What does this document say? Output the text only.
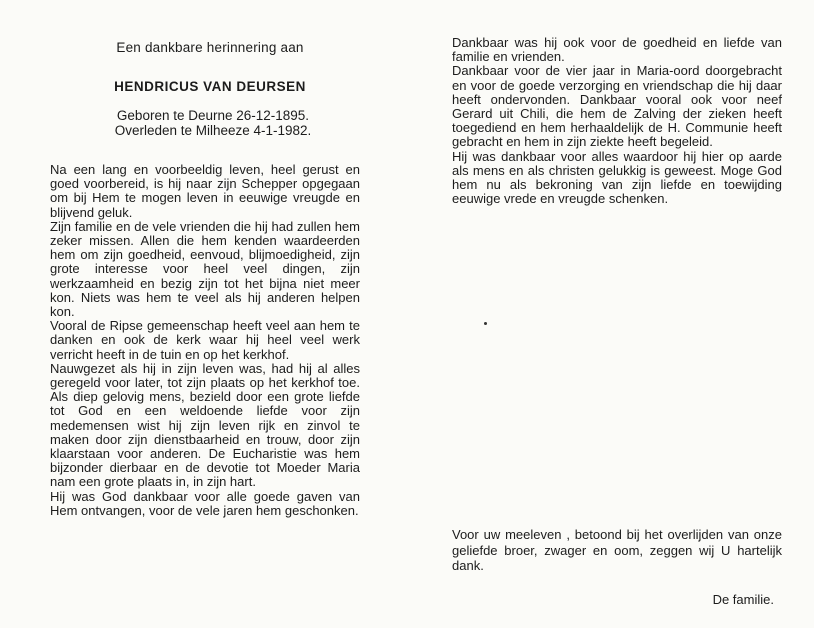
Een dankbare herinnering aan
HENDRICUS VAN DEURSEN
Geboren te Deurne 26-12-1895.
Overleden te Milheeze 4-1-1982.

Na een lang en voorbeeldig leven, heel gerust en goed voorbereid, is hij naar zijn Schepper opgegaan om bij Hem te mogen leven in eeuwige vreugde en blijvend geluk.

Zijn familie en de vele vrienden die hij had zullen hem zeker missen. Allen die hem kenden waardeerden hem om zijn goedheid, eenvoud, blijmoedigheid, zijn grote interesse voor heel veel dingen, zijn werkzaamheid en bezig zijn tot het bijna niet meer kon. Niets was hem te veel als hij anderen helpen kon.

Vooral de Ripse gemeenschap heeft veel aan hem te danken en ook de kerk waar hij heel veel werk verricht heeft in de tuin en op het kerkhof.

Nauwgezet als hij in zijn leven was, had hij al alles geregeld voor later, tot zijn plaats op het kerkhof toe. Als diep gelovig mens, bezield door een grote liefde tot God en een weldoende liefde voor zijn medemensen wist hij zijn leven rijk en zinvol te maken door zijn dienstbaarheid en trouw, door zijn klaarstaan voor anderen. De Eucharistie was hem bijzonder dierbaar en de devotie tot Moeder Maria nam een grote plaats in, in zijn hart.

Hij was God dankbaar voor alle goede gaven van Hem ontvangen, voor de vele jaren hem geschonken.

Dankbaar was hij ook voor de goedheid en liefde van familie en vrienden.

Dankbaar voor de vier jaar in Maria-oord doorgebracht en voor de goede verzorging en vriendschap die hij daar heeft ondervonden. Dankbaar vooral ook voor neef Gerard uit Chili, die hem de Zalving der zieken heeft toegediend en hem herhaaldelijk de H. Communie heeft gebracht en hem in zijn ziekte heeft begeleid.

Hij was dankbaar voor alles waardoor hij hier op aarde als mens en als christen gelukkig is geweest. Moge God hem nu als bekroning van zijn liefde en toewijding eeuwige vrede en vreugde schenken.

Voor uw meeleven , betoond bij het overlijden van onze geliefde broer, zwager en oom, zeggen wij U hartelijk dank.
De familie.
